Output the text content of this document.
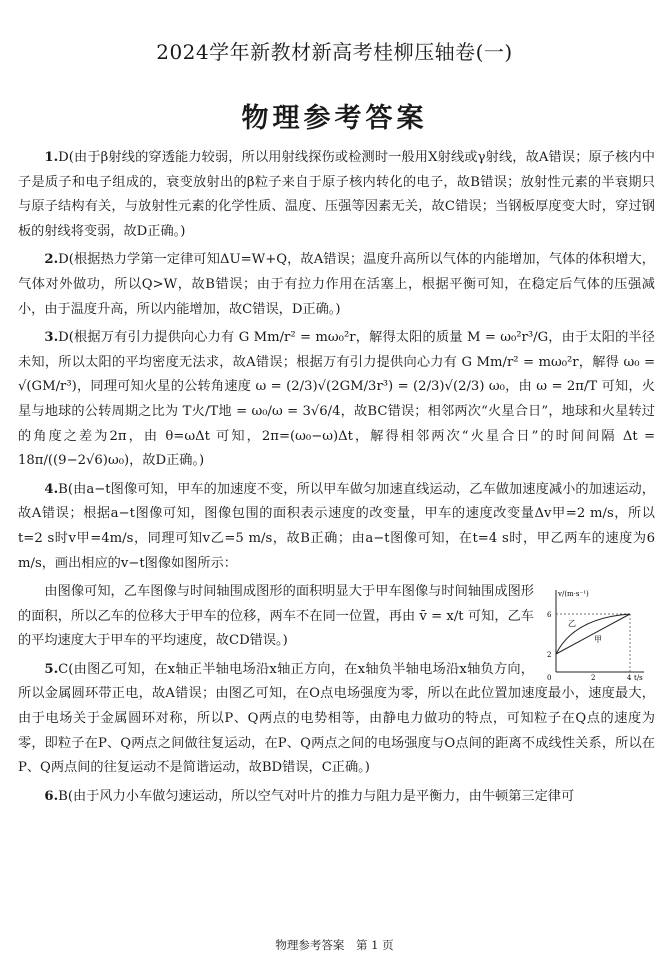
2024学年新教材新高考桂柳压轴卷(一)
物理参考答案

1.D(由于β射线的穿透能力较弱，所以用射线探伤或检测时一般用X射线或γ射线，故A错误；原子核内中子是质子和电子组成的，衰变放射出的β粒子来自于原子核内转化的电子，故B错误；放射性元素的半衰期只与原子结构有关，与放射性元素的化学性质、温度、压强等因素无关，故C错误；当钢板厚度变大时，穿过钢板的射线将变弱，故D正确。)

2.D(根据热力学第一定律可知ΔU=W+Q，故A错误；温度升高所以气体的内能增加，气体的体积增大，气体对外做功，所以Q>W，故B错误；由于有拉力作用在活塞上，根据平衡可知，在稳定后气体的压强减小，由于温度升高，所以内能增加，故C错误，D正确。)

3.D(根据万有引力提供向心力有 G Mm/r² = mω₀²r，解得太阳的质量 M = ω₀²r³/G，由于太阳的半径未知，所以太阳的平均密度无法求，故A错误；根据万有引力提供向心力有 G Mm/r² = mω₀²r，解得 ω₀ = √(GM/r³)，同理可知火星的公转角速度 ω = (2/3)√(2GM/3r³) = (2/3)√(2/3) ω₀，由 ω = 2π/T 可知，火星与地球的公转周期之比为 T火/T地 = ω₀/ω = 3√6/4，故BC错误；相邻两次“火星合日”，地球和火星转过的角度之差为2π，由 θ=ωΔt 可知，2π=(ω₀−ω)Δt，解得相邻两次“火星合日”的时间间隔 Δt = 18π/((9−2√6)ω₀)，故D正确。)

4.B(由a−t图像可知，甲车的加速度不变，所以甲车做匀加速直线运动，乙车做加速度减小的加速运动，故A错误；根据a−t图像可知，图像包围的面积表示速度的改变量，甲车的速度改变量Δv甲=2 m/s，所以t=2 s时v甲=4m/s，同理可知v乙=5 m/s，故B正确；由a−t图像可知，在t=4 s时，甲乙两车的速度为6 m/s，画出相应的v−t图像如图所示：

v/(m·s⁻¹)
t/s
0
2
6
2	4
乙
甲

由图像可知，乙车图像与时间轴围成图形的面积明显大于甲车图像与时间轴围成图形的面积，所以乙车的位移大于甲车的位移，两车不在同一位置，再由 v̄ = x/t 可知，乙车的平均速度大于甲车的平均速度，故CD错误。)

5.C(由图乙可知，在x轴正半轴电场沿x轴正方向，在x轴负半轴电场沿x轴负方向，所以金属圆环带正电，故A错误；由图乙可知，在O点电场强度为零，所以在此位置加速度最小，速度最大，由于电场关于金属圆环对称，所以P、Q两点的电势相等，由静电力做功的特点，可知粒子在Q点的速度为零，即粒子在P、Q两点之间做往复运动，在P、Q两点之间的电场强度与O点间的距离不成线性关系，所以在P、Q两点间的往复运动不是简谐运动，故BD错误，C正确。)

6.B(由于风力小车做匀速运动，所以空气对叶片的推力与阻力是平衡力，由牛顿第三定律可

物理参考答案 第 1 页
